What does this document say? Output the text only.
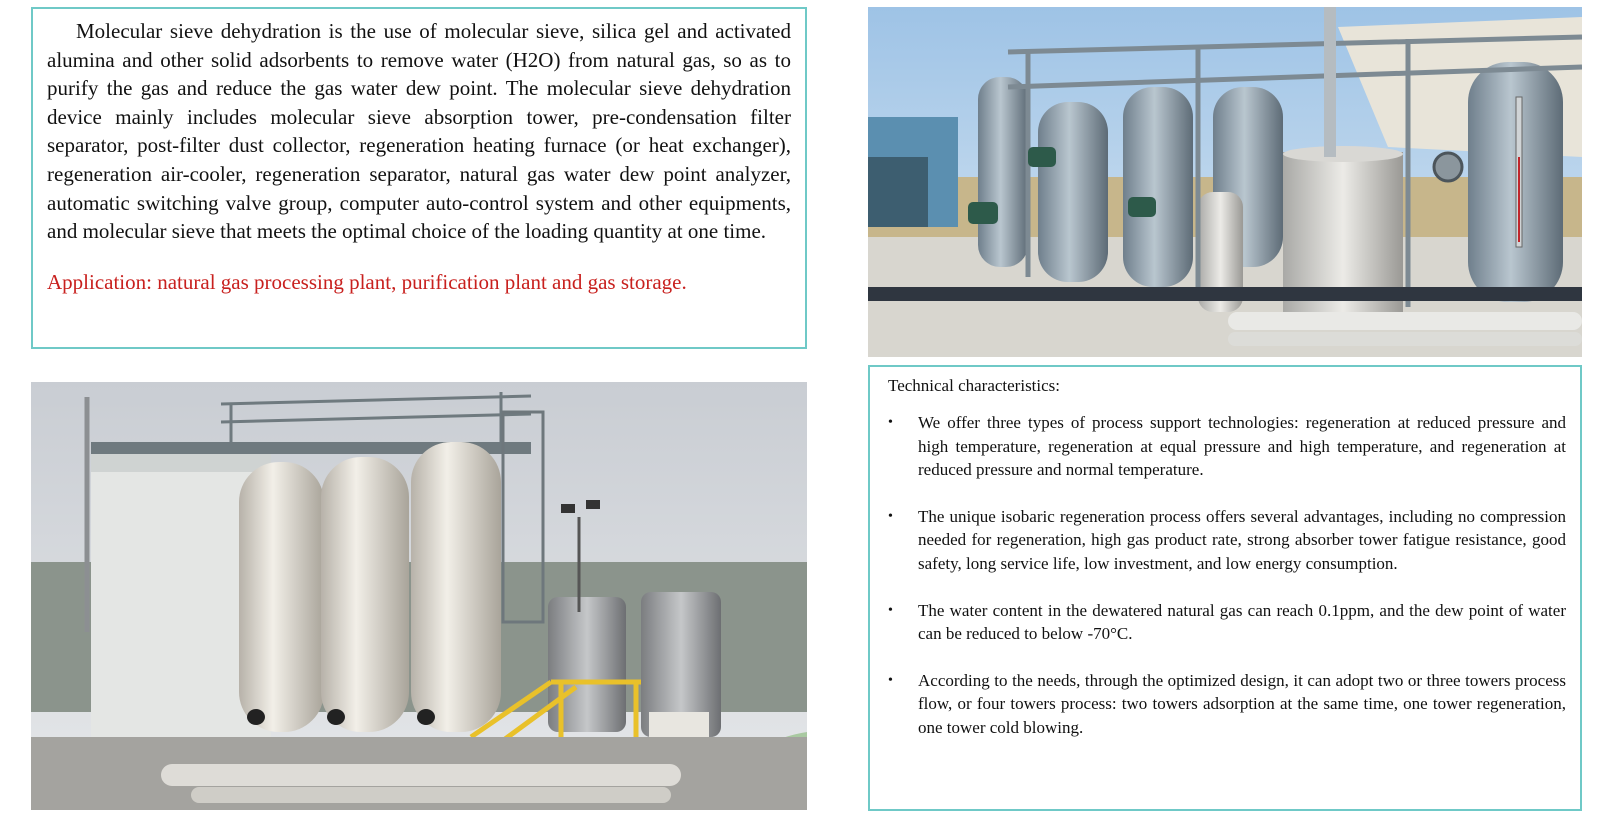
Molecular sieve dehydration is the use of molecular sieve, silica gel and activated alumina and other solid adsorbents to remove water (H2O) from natural gas, so as to purify the gas and reduce the gas water dew point. The molecular sieve dehydration device mainly includes molecular sieve absorption tower, pre-condensation filter separator, post-filter dust collector, regeneration heating furnace (or heat exchanger), regeneration air-cooler, regeneration separator, natural gas water dew point analyzer, automatic switching valve group, computer auto-control system and other equipments, and molecular sieve that meets the optimal choice of the loading quantity at one time.

Application: natural gas processing plant, purification plant and gas storage.

Technical characteristics:

• We offer three types of process support technologies: regeneration at reduced pressure and high temperature, regeneration at equal pressure and high temperature, and regeneration at reduced pressure and normal temperature.
• The unique isobaric regeneration process offers several advantages, including no compression needed for regeneration, high gas product rate, strong absorber tower fatigue resistance, good safety, long service life, low investment, and low energy consumption.
• The water content in the dewatered natural gas can reach 0.1ppm, and the dew point of water can be reduced to below -70°C.
• According to the needs, through the optimized design, it can adopt two or three towers process flow, or four towers process: two towers adsorption at the same time, one tower regeneration, one tower cold blowing.
